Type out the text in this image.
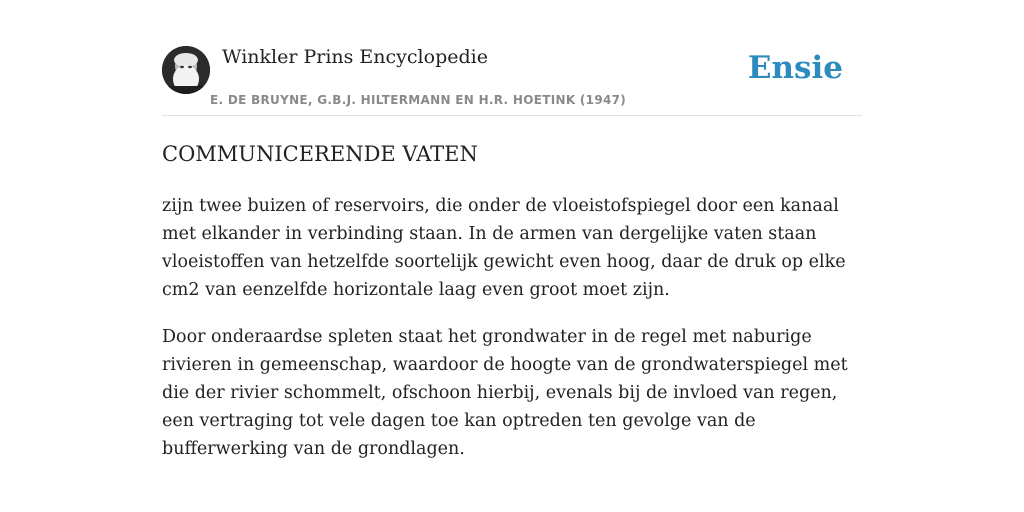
Winkler Prins Encyclopedie
E. DE BRUYNE, G.B.J. HILTERMANN EN H.R. HOETINK (1947)
Ensie
COMMUNICERENDE VATEN

zijn twee buizen of reservoirs, die onder de vloeistofspiegel door een kanaal met elkander in verbinding staan. In de armen van dergelijke vaten staan vloeistoffen van hetzelfde soortelijk gewicht even hoog, daar de druk op elke cm2 van eenzelfde horizontale laag even groot moet zijn.

Door onderaardse spleten staat het grondwater in de regel met naburige rivieren in gemeenschap, waardoor de hoogte van de grondwaterspiegel met die der rivier schommelt, ofschoon hierbij, evenals bij de invloed van regen, een vertraging tot vele dagen toe kan optreden ten gevolge van de bufferwerking van de grondlagen.
